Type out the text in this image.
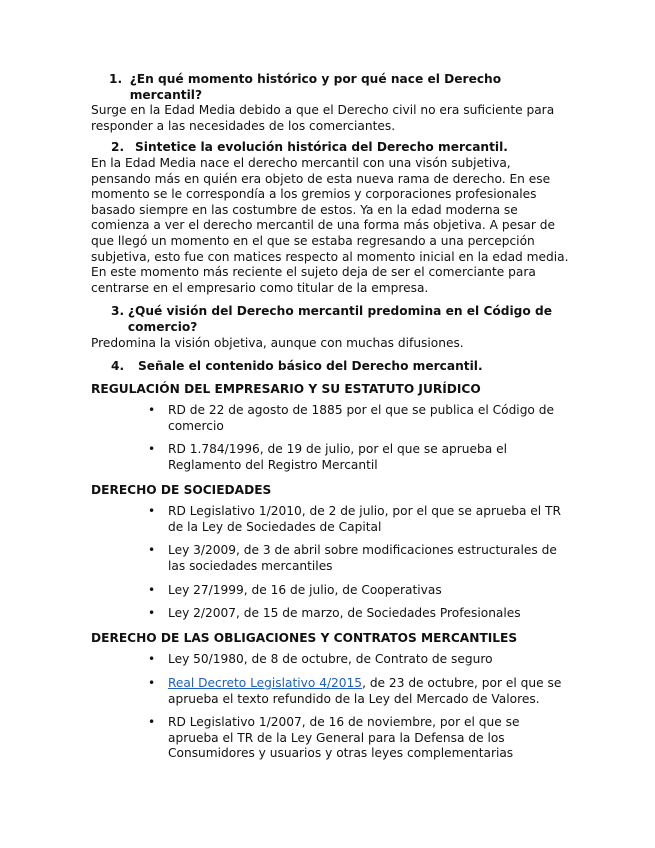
1. ¿En qué momento histórico y por qué nace el Derecho mercantil?

Surge en la Edad Media debido a que el Derecho civil no era suficiente para responder a las necesidades de los comerciantes.

2. Sintetice la evolución histórica del Derecho mercantil.

En la Edad Media nace el derecho mercantil con una visón subjetiva, pensando más en quién era objeto de esta nueva rama de derecho. En ese momento se le correspondía a los gremios y corporaciones profesionales basado siempre en las costumbre de estos. Ya en la edad moderna se comienza a ver el derecho mercantil de una forma más objetiva. A pesar de que llegó un momento en el que se estaba regresando a una percepción subjetiva, esto fue con matices respecto al momento inicial en la edad media. En este momento más reciente el sujeto deja de ser el comerciante para centrarse en el empresario como titular de la empresa.

3. ¿Qué visión del Derecho mercantil predomina en el Código de comercio?

Predomina la visión objetiva, aunque con muchas difusiones.

4.	Señale el contenido básico del Derecho mercantil.

REGULACIÓN DEL EMPRESARIO Y SU ESTATUTO JURÍDICO

• RD de 22 de agosto de 1885 por el que se publica el Código de comercio
• RD 1.784/1996, de 19 de julio, por el que se aprueba el Reglamento del Registro Mercantil

DERECHO DE SOCIEDADES

• RD Legislativo 1/2010, de 2 de julio, por el que se aprueba el TR de la Ley de Sociedades de Capital
• Ley 3/2009, de 3 de abril sobre modificaciones estructurales de las sociedades mercantiles
• Ley 27/1999, de 16 de julio, de Cooperativas
• Ley 2/2007, de 15 de marzo, de Sociedades Profesionales

DERECHO DE LAS OBLIGACIONES Y CONTRATOS MERCANTILES

• Ley 50/1980, de 8 de octubre, de Contrato de seguro
• Real Decreto Legislativo 4/2015, de 23 de octubre, por el que se aprueba el texto refundido de la Ley del Mercado de Valores.
• RD Legislativo 1/2007, de 16 de noviembre, por el que se aprueba el TR de la Ley General para la Defensa de los Consumidores y usuarios y otras leyes complementarias
